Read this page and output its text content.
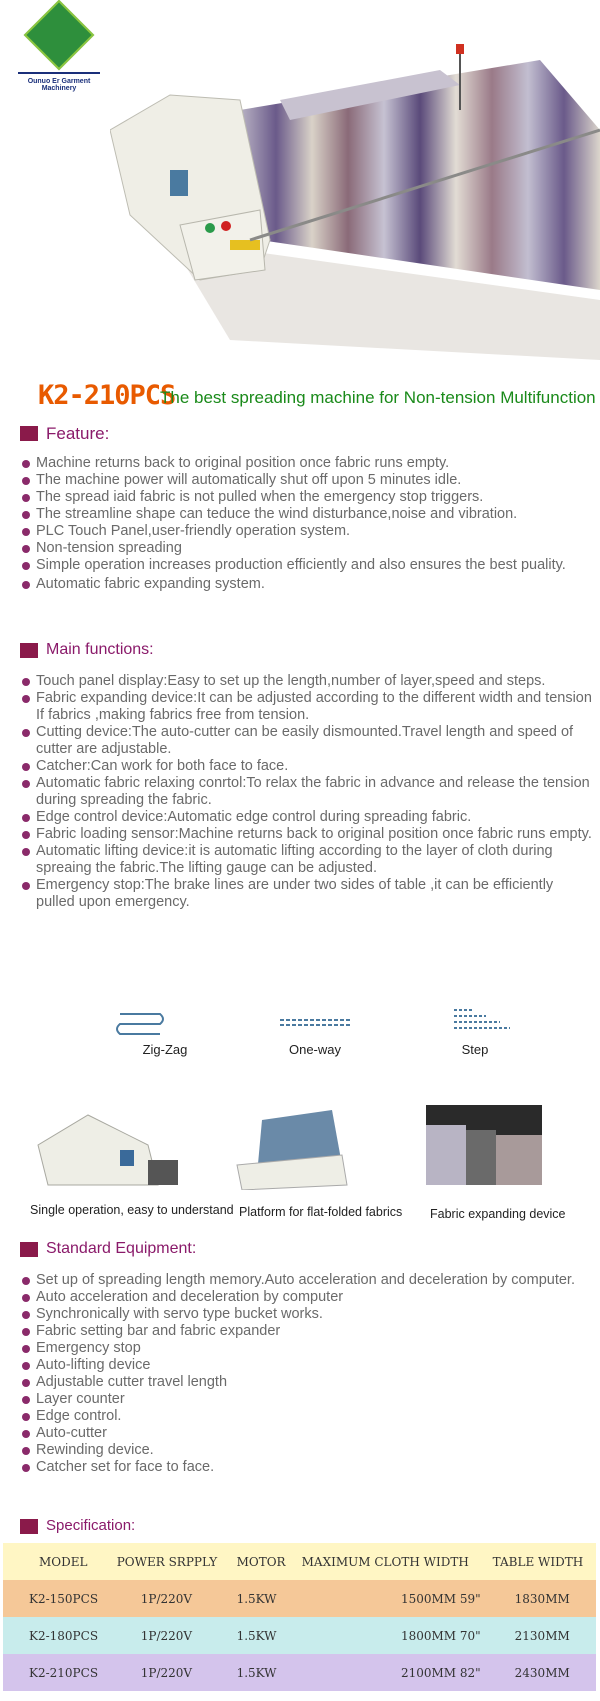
Ounuo Er Garment Machinery
K2-210PCS
The best spreading machine for Non-tension Multifunction
Feature:
Machine returns back to original position once fabric runs empty.
The machine power will automatically shut off upon 5 minutes idle.
The spread iaid fabric is not pulled when the emergency stop triggers.
The streamline shape can teduce the wind disturbance,noise and vibration.
PLC Touch Panel,user-friendly operation system.
Non-tension spreading
Simple operation increases production efficiently and also ensures the best puality.
Automatic fabric expanding system.
Main functions:
Touch panel display:Easy to set up the length,number of layer,speed and steps.
Fabric expanding device:It can be adjusted according to the different width and tension If fabrics ,making fabrics free from tension.
Cutting device:The auto-cutter can be easily dismounted.Travel length and speed of cutter are adjustable.
Catcher:Can work for both face to face.
Automatic fabric relaxing conrtol:To relax the fabric in advance and release the tension during spreading the fabric.
Edge control device:Automatic edge control during spreading fabric.
Fabric loading sensor:Machine returns back to original position once fabric runs empty.
Automatic lifting device:it is automatic lifting according to the layer of cloth during spreaing the fabric.The lifting gauge can be adjusted.
Emergency stop:The brake lines are under two sides of table ,it can be efficiently pulled upon emergency.
Zig-Zag	One-way	Step
Single operation, easy to understand Platform for flat-folded fabrics Fabric expanding device
Standard Equipment:
Set up of spreading length memory.Auto acceleration and deceleration by computer.
Auto acceleration and deceleration by computer
Synchronically with servo type bucket works.
Fabric setting bar and fabric expander
Emergency stop
Auto-lifting device
Adjustable cutter travel length
Layer counter
Edge control.
Auto-cutter
Rewinding device.
Catcher set for face to face.
Specification:
MODEL	POWER SRPPLY	MOTOR	MAXIMUM CLOTH WIDTH	TABLE WIDTH
K2-150PCS	1P/220V	1.5KW	1500MM 59"	1830MM
K2-180PCS	1P/220V	1.5KW	1800MM 70"	2130MM
K2-210PCS	1P/220V	1.5KW	2100MM 82"	2430MM
